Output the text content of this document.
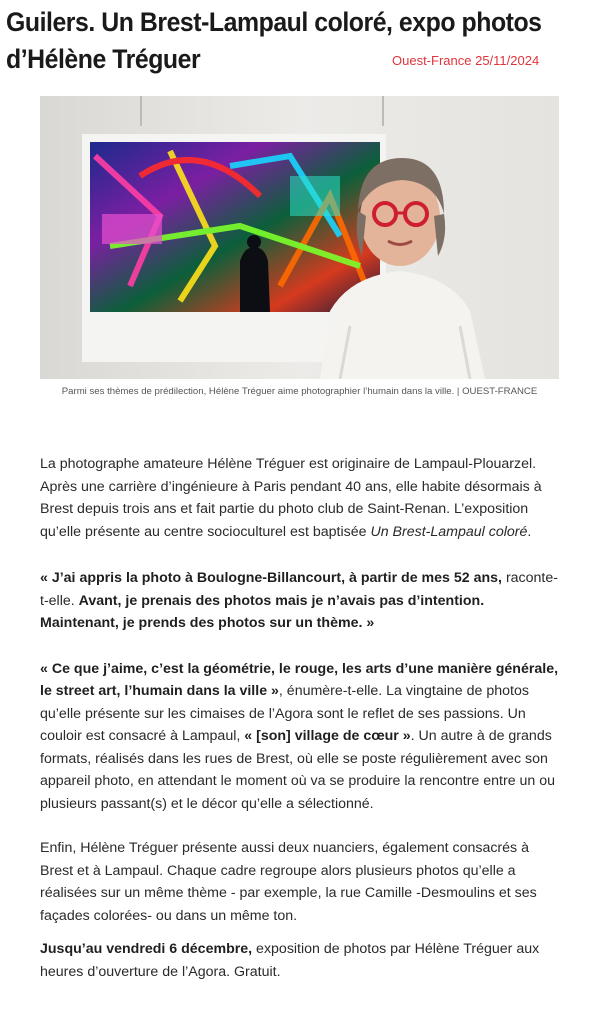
Guilers. Un Brest-Lampaul coloré, expo photos
d’Hélène Tréguer	Ouest-France 25/11/2024
Parmi ses thèmes de prédilection, Hélène Tréguer aime photographier l’humain dans la ville. | OUEST-FRANCE

La photographe amateure Hélène Tréguer est originaire de Lampaul-Plouarzel. Après une carrière d’ingénieure à Paris pendant 40 ans, elle habite désormais à Brest depuis trois ans et fait partie du photo club de Saint-Renan. L’exposition qu’elle présente au centre socioculturel est baptisée Un Brest-Lampaul coloré.

« J’ai appris la photo à Boulogne-Billancourt, à partir de mes 52 ans, raconte-t-elle. Avant, je prenais des photos mais je n’avais pas d’intention. Maintenant, je prends des photos sur un thème. »

« Ce que j’aime, c’est la géométrie, le rouge, les arts d’une manière générale, le street art, l’humain dans la ville », énumère-t-elle. La vingtaine de photos qu’elle présente sur les cimaises de l’Agora sont le reflet de ses passions. Un couloir est consacré à Lampaul, « [son] village de cœur ». Un autre à de grands formats, réalisés dans les rues de Brest, où elle se poste régulièrement avec son appareil photo, en attendant le moment où va se produire la rencontre entre un ou plusieurs passant(s) et le décor qu’elle a sélectionné.

Enfin, Hélène Tréguer présente aussi deux nuanciers, également consacrés à Brest et à Lampaul. Chaque cadre regroupe alors plusieurs photos qu’elle a réalisées sur un même thème - par exemple, la rue Camille -Desmoulins et ses façades colorées- ou dans un même ton.

Jusqu’au vendredi 6 décembre, exposition de photos par Hélène Tréguer aux heures d’ouverture de l’Agora. Gratuit.
